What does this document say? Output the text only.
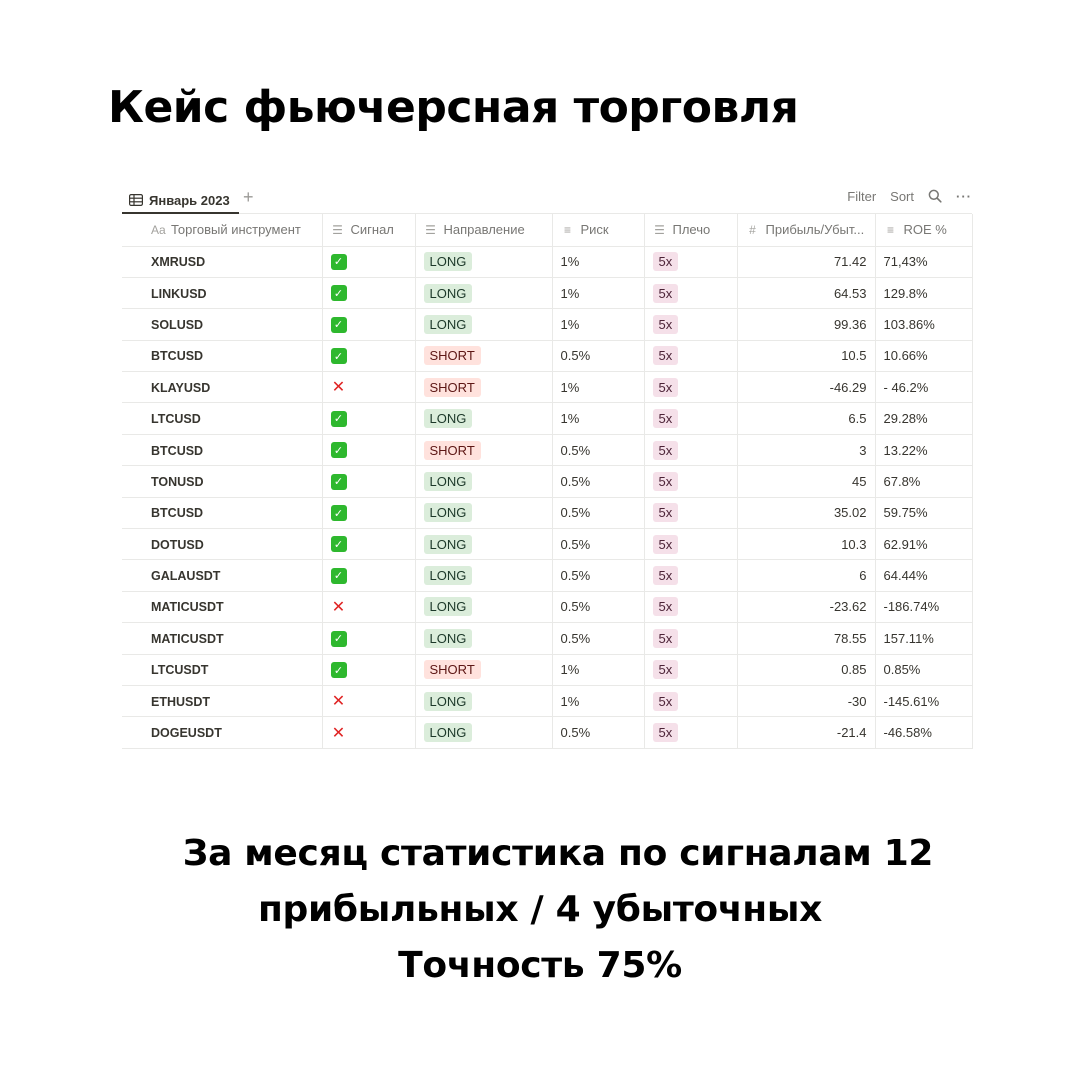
Кейс фьючерсная торговля
Январь 2023 +	Filter Sort	···
Aa Торговый инструмент	☰ Сигнал	☰ Направление	≡ Риск	☰ Плечо	# Прибыль/Убыт...	≡ ROE %
XMRUSD	✓	LONG	1%	5x	71.42	71,43%
LINKUSD	✓	LONG	1%	5x	64.53	129.8%
SOLUSD	✓	LONG	1%	5x	99.36	103.86%
BTCUSD	✓	SHORT	0.5%	5x	10.5	10.66%
KLAYUSD	✕	SHORT	1%	5x	-46.29	- 46.2%
LTCUSD	✓	LONG	1%	5x	6.5	29.28%
BTCUSD	✓	SHORT	0.5%	5x	3	13.22%
TONUSD	✓	LONG	0.5%	5x	45	67.8%
BTCUSD	✓	LONG	0.5%	5x	35.02	59.75%
DOTUSD	✓	LONG	0.5%	5x	10.3	62.91%
GALAUSDT	✓	LONG	0.5%	5x	6	64.44%
MATICUSDT	✕	LONG	0.5%	5x	-23.62	-186.74%
MATICUSDT	✓	LONG	0.5%	5x	78.55	157.11%
LTCUSDT	✓	SHORT	1%	5x	0.85	0.85%
ETHUSDT	✕	LONG	1%	5x	-30	-145.61%
DOGEUSDT	✕	LONG	0.5%	5x	-21.4	-46.58%
За месяц статистика по сигналам 12
прибыльных / 4 убыточных
Точность 75%
